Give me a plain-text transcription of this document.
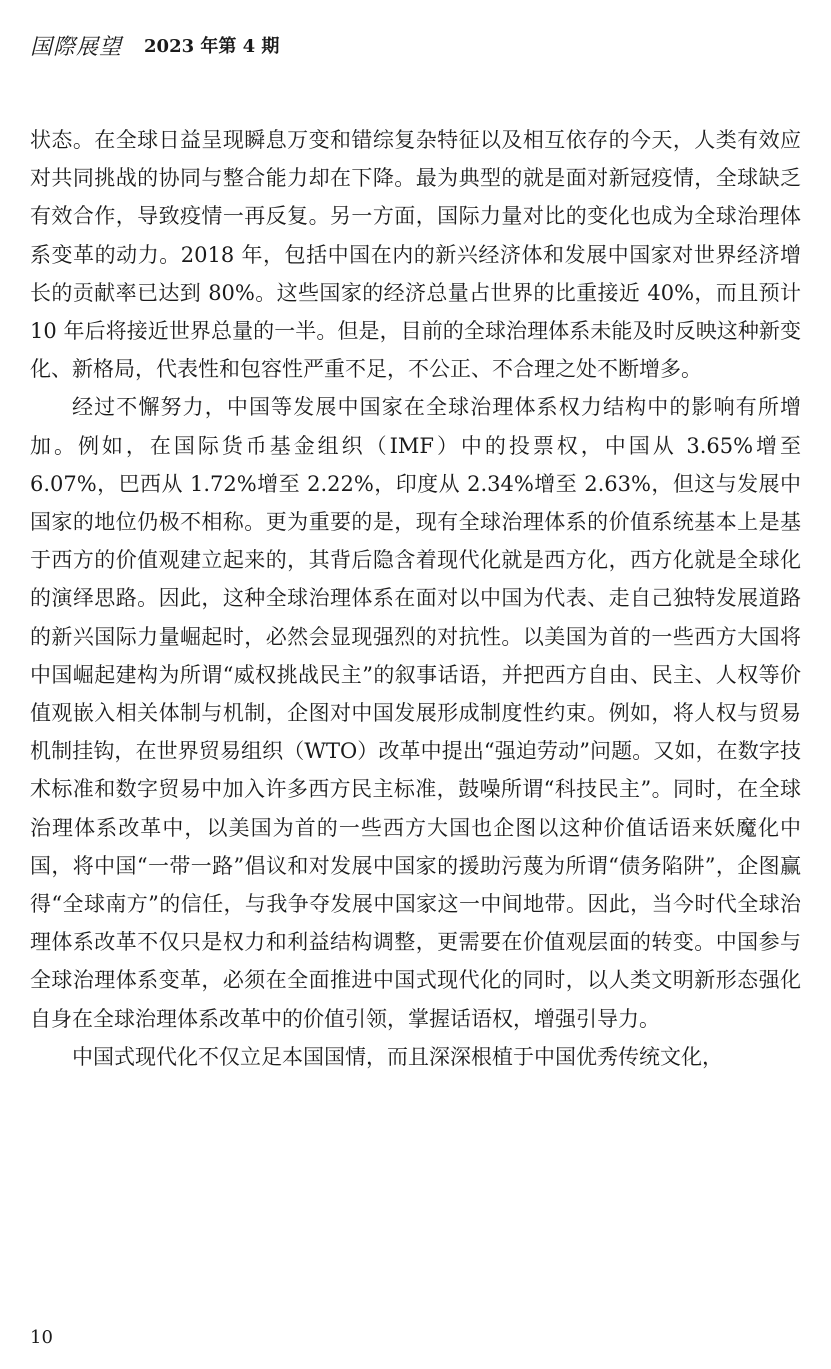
国際展望 2023 年第 4 期

状态。在全球日益呈现瞬息万变和错综复杂特征以及相互依存的今天，人类有效应对共同挑战的协同与整合能力却在下降。最为典型的就是面对新冠疫情，全球缺乏有效合作，导致疫情一再反复。另一方面，国际力量对比的变化也成为全球治理体系变革的动力。2018 年，包括中国在内的新兴经济体和发展中国家对世界经济增长的贡献率已达到 80%。这些国家的经济总量占世界的比重接近 40%，而且预计 10 年后将接近世界总量的一半。但是，目前的全球治理体系未能及时反映这种新变化、新格局，代表性和包容性严重不足，不公正、不合理之处不断增多。

经过不懈努力，中国等发展中国家在全球治理体系权力结构中的影响有所增加。例如，在国际货币基金组织（IMF）中的投票权，中国从 3.65%增至 6.07%，巴西从 1.72%增至 2.22%，印度从 2.34%增至 2.63%，但这与发展中国家的地位仍极不相称。更为重要的是，现有全球治理体系的价值系统基本上是基于西方的价值观建立起来的，其背后隐含着现代化就是西方化，西方化就是全球化的演绎思路。因此，这种全球治理体系在面对以中国为代表、走自己独特发展道路的新兴国际力量崛起时，必然会显现强烈的对抗性。以美国为首的一些西方大国将中国崛起建构为所谓“威权挑战民主”的叙事话语，并把西方自由、民主、人权等价值观嵌入相关体制与机制，企图对中国发展形成制度性约束。例如，将人权与贸易机制挂钩，在世界贸易组织（WTO）改革中提出“强迫劳动”问题。又如，在数字技术标准和数字贸易中加入许多西方民主标准，鼓噪所谓“科技民主”。同时，在全球治理体系改革中，以美国为首的一些西方大国也企图以这种价值话语来妖魔化中国，将中国“一带一路”倡议和对发展中国家的援助污蔑为所谓“债务陷阱”，企图赢得“全球南方”的信任，与我争夺发展中国家这一中间地带。因此，当今时代全球治理体系改革不仅只是权力和利益结构调整，更需要在价值观层面的转变。中国参与全球治理体系变革，必须在全面推进中国式现代化的同时，以人类文明新形态强化自身在全球治理体系改革中的价值引领，掌握话语权，增强引导力。

中国式现代化不仅立足本国国情，而且深深根植于中国优秀传统文化，

10
